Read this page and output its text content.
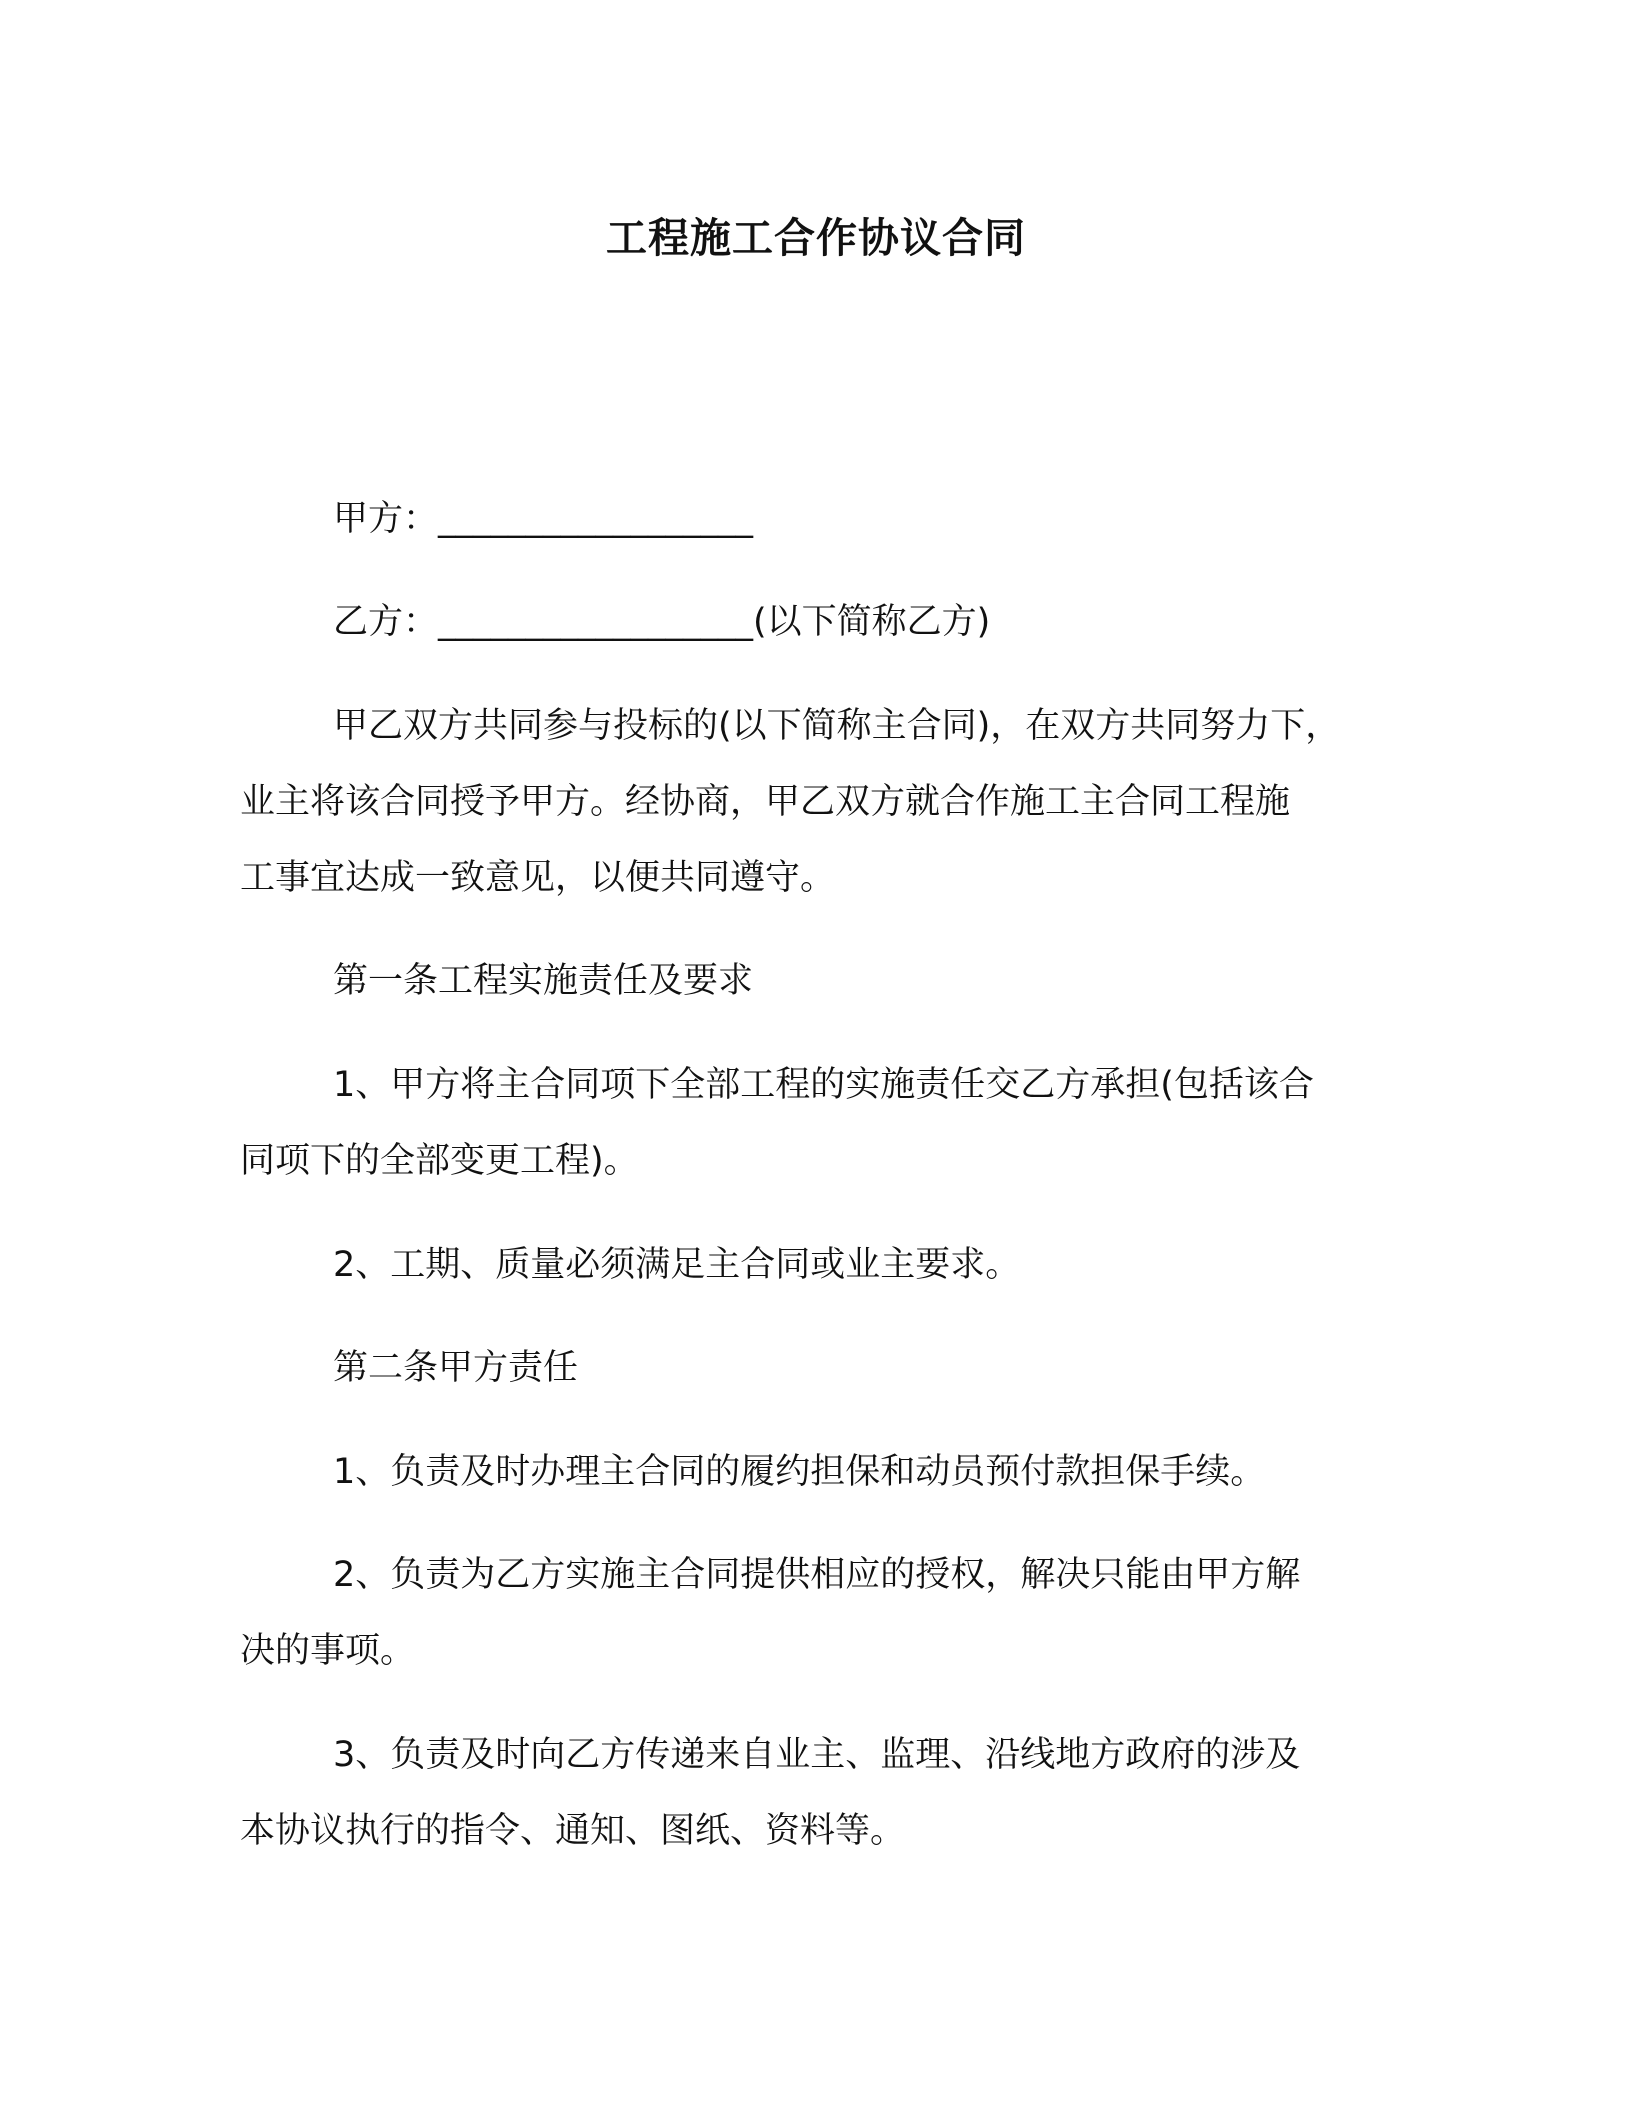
工程施工合作协议合同
甲方：__________________
乙方：__________________(以下简称乙方)
甲乙双方共同参与投标的(以下简称主合同)，在双方共同努力下，
业主将该合同授予甲方。经协商，甲乙双方就合作施工主合同工程施
工事宜达成一致意见，以便共同遵守。
第一条工程实施责任及要求
1、甲方将主合同项下全部工程的实施责任交乙方承担(包括该合
同项下的全部变更工程)。
2、工期、质量必须满足主合同或业主要求。
第二条甲方责任
1、负责及时办理主合同的履约担保和动员预付款担保手续。
2、负责为乙方实施主合同提供相应的授权，解决只能由甲方解
决的事项。
3、负责及时向乙方传递来自业主、监理、沿线地方政府的涉及
本协议执行的指令、通知、图纸、资料等。
